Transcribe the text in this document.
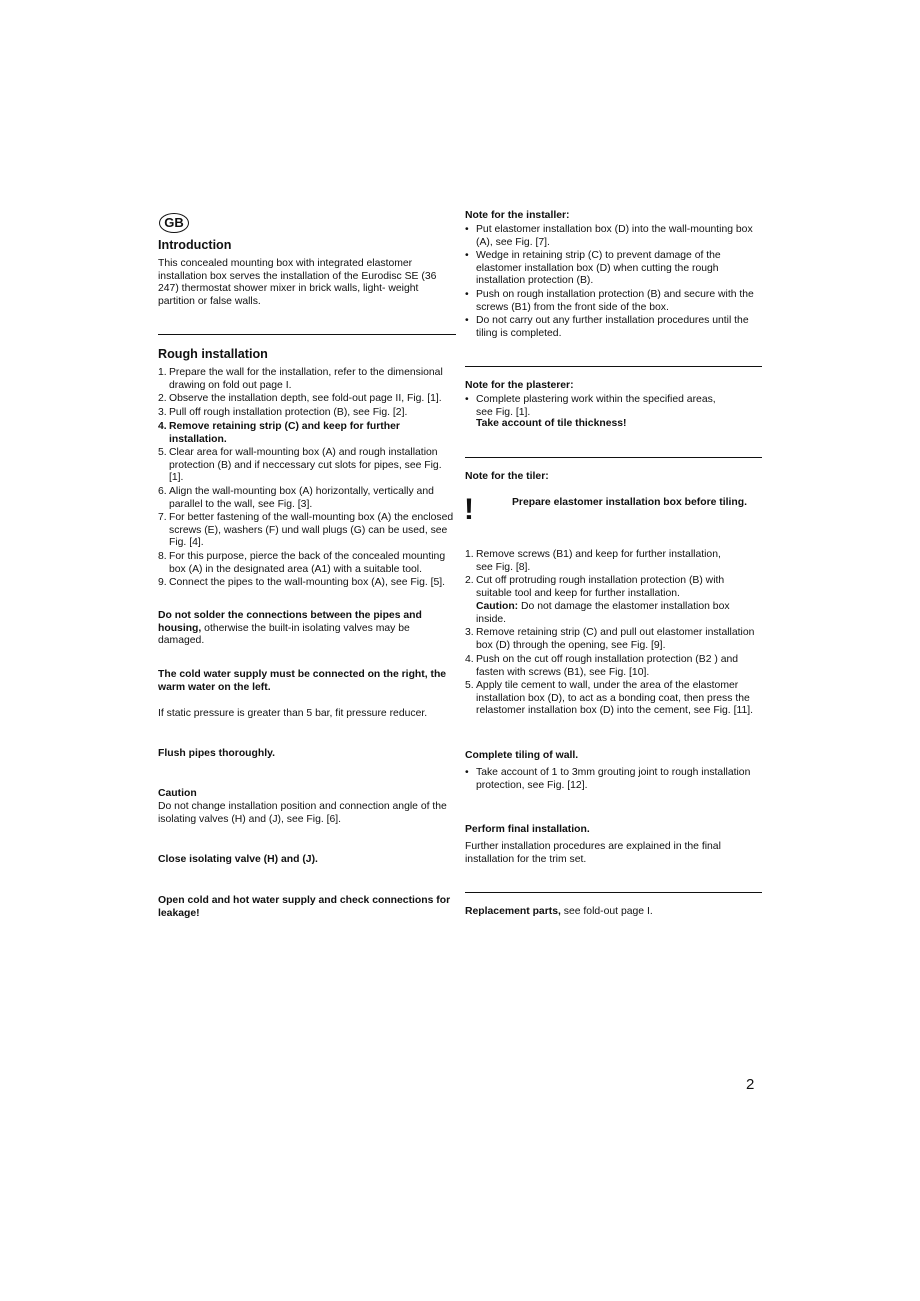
GB
Introduction
This concealed mounting box with integrated elastomer installation box serves the installation of the Eurodisc SE (36 247) thermostat shower mixer in brick walls, light- weight partition or false walls.
Rough installation
1. Prepare the wall for the installation, refer to the dimensional drawing on fold out page I.
2. Observe the installation depth, see fold-out page II, Fig. [1].
3. Pull off rough installation protection (B), see Fig. [2].
4. Remove retaining strip (C) and keep for further installation.
5. Clear area for wall-mounting box (A) and rough installation protection (B) and if neccessary cut slots for pipes, see Fig. [1].
6. Align the wall-mounting box (A) horizontally, vertically and parallel to the wall, see Fig. [3].
7. For better fastening of the wall-mounting box (A) the enclosed screws (E), washers (F) und wall plugs (G) can be used, see Fig. [4].
8. For this purpose, pierce the back of the concealed mounting box (A) in the designated area (A1) with a suitable tool.
9. Connect the pipes to the wall-mounting box (A), see Fig. [5].
Do not solder the connections between the pipes and housing, otherwise the built-in isolating valves may be damaged.
The cold water supply must be connected on the right, the warm water on the left.
If static pressure is greater than 5 bar, fit pressure reducer.
Flush pipes thoroughly.
Caution
Do not change installation position and connection angle of the isolating valves (H) and (J), see Fig. [6].
Close isolating valve (H) and (J).
Open cold and hot water supply and check connections for leakage!
Note for the installer:
• Put elastomer installation box (D) into the wall-mounting box (A), see Fig. [7].
• Wedge in retaining strip (C) to prevent damage of the elastomer installation box (D) when cutting the rough installation protection (B).
• Push on rough installation protection (B) and secure with the screws (B1) from the front side of the box.
• Do not carry out any further installation procedures until the tiling is completed.
Note for the plasterer:
• Complete plastering work within the specified areas, see Fig. [1].
Take account of tile thickness!
Note for the tiler:
!	Prepare elastomer installation box before tiling.
1. Remove screws (B1) and keep for further installation, see Fig. [8].
2. Cut off protruding rough installation protection (B) with suitable tool and keep for further installation.
Caution: Do not damage the elastomer installation box inside.
3. Remove retaining strip (C) and pull out elastomer installation box (D) through the opening, see Fig. [9].
4. Push on the cut off rough installation protection (B2 ) and fasten with screws (B1), see Fig. [10].
5. Apply tile cement to wall, under the area of the elastomer installation box (D), to act as a bonding coat, then press the relastomer installation box (D) into the cement, see Fig. [11].
Complete tiling of wall.
• Take account of 1 to 3mm grouting joint to rough installation protection, see Fig. [12].
Perform final installation.
Further installation procedures are explained in the final installation for the trim set.
Replacement parts, see fold-out page I.
2
